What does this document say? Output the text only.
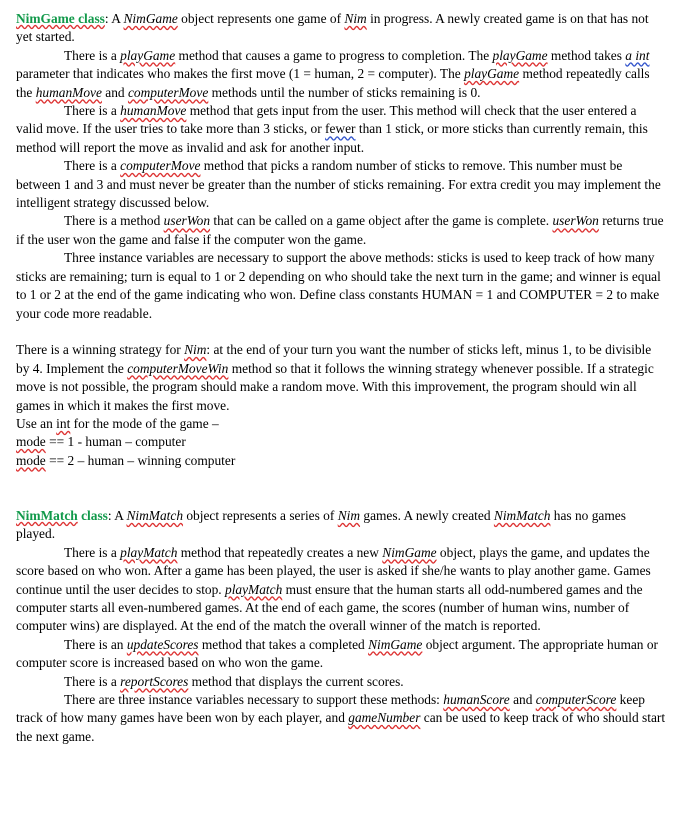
NimGame class: A NimGame object represents one game of Nim in progress. A newly created game is on that has not yet started.

There is a playGame method that causes a game to progress to completion. The playGame method takes a int parameter that indicates who makes the first move (1 = human, 2 = computer). The playGame method repeatedly calls the humanMove and computerMove methods until the number of sticks remaining is 0.

There is a humanMove method that gets input from the user. This method will check that the user entered a valid move. If the user tries to take more than 3 sticks, or fewer than 1 stick, or more sticks than currently remain, this method will report the move as invalid and ask for another input.

There is a computerMove method that picks a random number of sticks to remove. This number must be between 1 and 3 and must never be greater than the number of sticks remaining. For extra credit you may implement the intelligent strategy discussed below.

There is a method userWon that can be called on a game object after the game is complete. userWon returns true if the user won the game and false if the computer won the game.

Three instance variables are necessary to support the above methods: sticks is used to keep track of how many sticks are remaining; turn is equal to 1 or 2 depending on who should take the next turn in the game; and winner is equal to 1 or 2 at the end of the game indicating who won. Define class constants HUMAN = 1 and COMPUTER = 2 to make your code more readable.

There is a winning strategy for Nim: at the end of your turn you want the number of sticks left, minus 1, to be divisible by 4. Implement the computerMoveWin method so that it follows the winning strategy whenever possible. If a strategic move is not possible, the program should make a random move. With this improvement, the program should win all games in which it makes the first move.

Use an int for the mode of the game –

mode == 1 - human – computer

mode == 2 – human – winning computer

NimMatch class: A NimMatch object represents a series of Nim games. A newly created NimMatch has no games played.

There is a playMatch method that repeatedly creates a new NimGame object, plays the game, and updates the score based on who won. After a game has been played, the user is asked if she/he wants to play another game. Games continue until the user decides to stop. playMatch must ensure that the human starts all odd-numbered games and the computer starts all even-numbered games. At the end of each game, the scores (number of human wins, number of computer wins) are displayed. At the end of the match the overall winner of the match is reported.

There is an updateScores method that takes a completed NimGame object argument. The appropriate human or computer score is increased based on who won the game.

There is a reportScores method that displays the current scores.

There are three instance variables necessary to support these methods: humanScore and computerScore keep track of how many games have been won by each player, and gameNumber can be used to keep track of who should start the next game.
